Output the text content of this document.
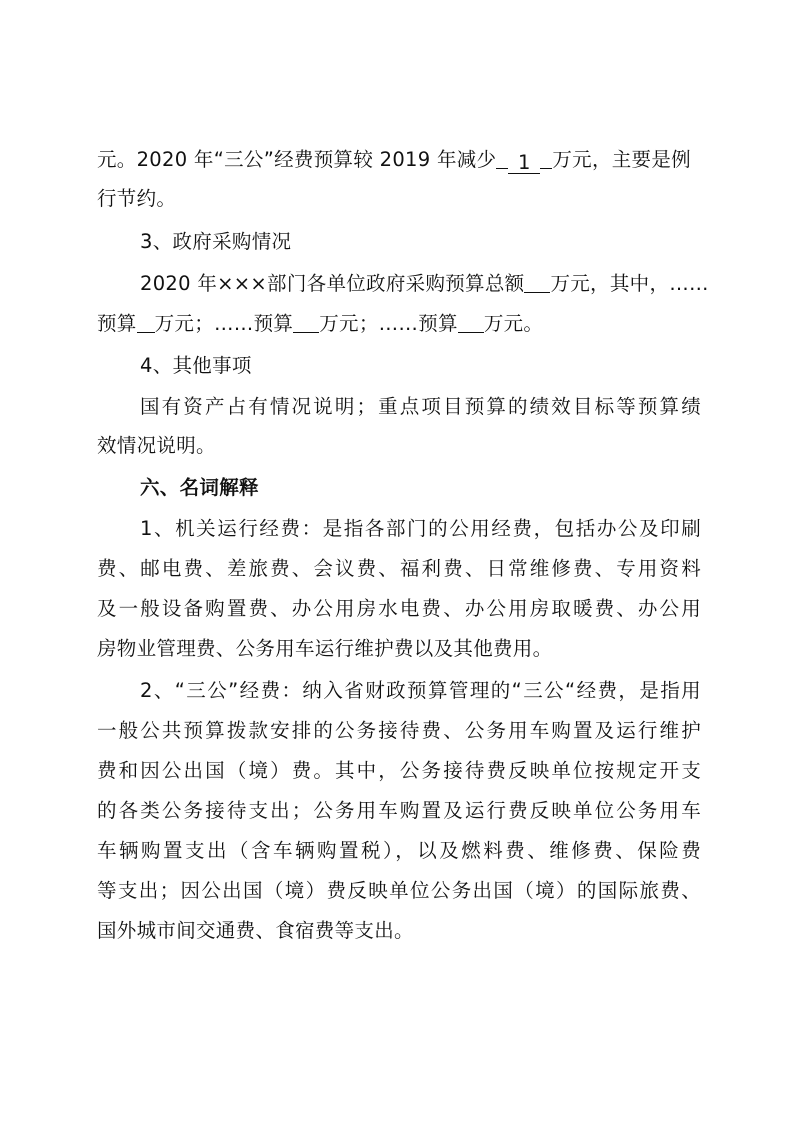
元。2020 年“三公”经费预算较 2019 年减少 1 万元，主要是例
行节约。
3、政府采购情况
2020 年×××部门各单位政府采购预算总额 万元，其中，……
预算 万元；……预算 万元；……预算 万元。
4、其他事项
国有资产占有情况说明；重点项目预算的绩效目标等预算绩
效情况说明。
六、名词解释
1、机关运行经费：是指各部门的公用经费，包括办公及印刷
费、邮电费、差旅费、会议费、福利费、日常维修费、专用资料
及一般设备购置费、办公用房水电费、办公用房取暖费、办公用
房物业管理费、公务用车运行维护费以及其他费用。
2、“三公”经费：纳入省财政预算管理的“三公“经费，是指用
一般公共预算拨款安排的公务接待费、公务用车购置及运行维护
费和因公出国（境）费。其中，公务接待费反映单位按规定开支
的各类公务接待支出；公务用车购置及运行费反映单位公务用车
车辆购置支出（含车辆购置税），以及燃料费、维修费、保险费
等支出；因公出国（境）费反映单位公务出国（境）的国际旅费、
国外城市间交通费、食宿费等支出。
